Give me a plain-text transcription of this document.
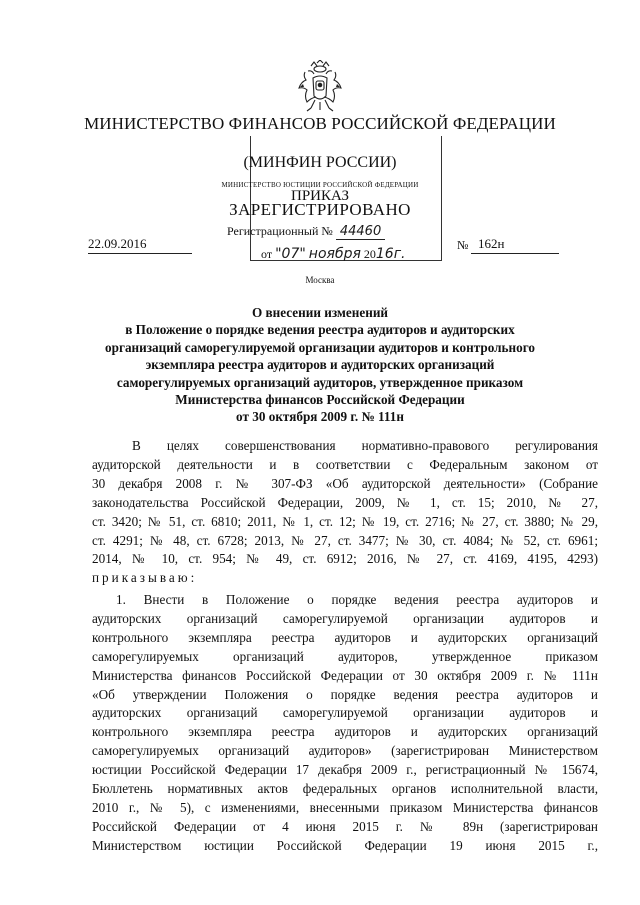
МИНИСТЕРСТВО ФИНАНСОВ РОССИЙСКОЙ ФЕДЕРАЦИИ
(МИНФИН РОССИИ)
МИНИСТЕРСТВО ЮСТИЦИИ РОССИЙСКОЙ ФЕДЕРАЦИИ
ПРИКАЗ
ЗАРЕГИСТРИРОВАНО
Регистрационный № 44460
от "07" ноября 2016г.
22.09.2016	№ 162н
Москва
О внесении изменений
в Положение о порядке ведения реестра аудиторов и аудиторских
организаций саморегулируемой организации аудиторов и контрольного
экземпляра реестра аудиторов и аудиторских организаций
саморегулируемых организаций аудиторов, утвержденное приказом
Министерства финансов Российской Федерации
от 30 октября 2009 г. № 111н
В целях совершенствования нормативно-правового регулирования
аудиторской деятельности и в соответствии с Федеральным законом от
30 декабря 2008 г. № 307-ФЗ «Об аудиторской деятельности» (Собрание
законодательства Российской Федерации, 2009, № 1, ст. 15; 2010, № 27,
ст. 3420; № 51, ст. 6810; 2011, № 1, ст. 12; № 19, ст. 2716; № 27, ст. 3880; № 29,
ст. 4291; № 48, ст. 6728; 2013, № 27, ст. 3477; № 30, ст. 4084; № 52, ст. 6961;
2014, № 10, ст. 954; № 49, ст. 6912; 2016, № 27, ст. 4169, 4195, 4293)
приказываю:
1. Внести в Положение о порядке ведения реестра аудиторов и
аудиторских организаций саморегулируемой организации аудиторов и
контрольного экземпляра реестра аудиторов и аудиторских организаций
саморегулируемых организаций аудиторов, утвержденное приказом
Министерства финансов Российской Федерации от 30 октября 2009 г. № 111н
«Об утверждении Положения о порядке ведения реестра аудиторов и
аудиторских организаций саморегулируемой организации аудиторов и
контрольного экземпляра реестра аудиторов и аудиторских организаций
саморегулируемых организаций аудиторов» (зарегистрирован Министерством
юстиции Российской Федерации 17 декабря 2009 г., регистрационный № 15674,
Бюллетень нормативных актов федеральных органов исполнительной власти,
2010 г., № 5), с изменениями, внесенными приказом Министерства финансов
Российской Федерации от 4 июня 2015 г. № 89н (зарегистрирован
Министерством юстиции Российской Федерации 19 июня 2015 г.,
